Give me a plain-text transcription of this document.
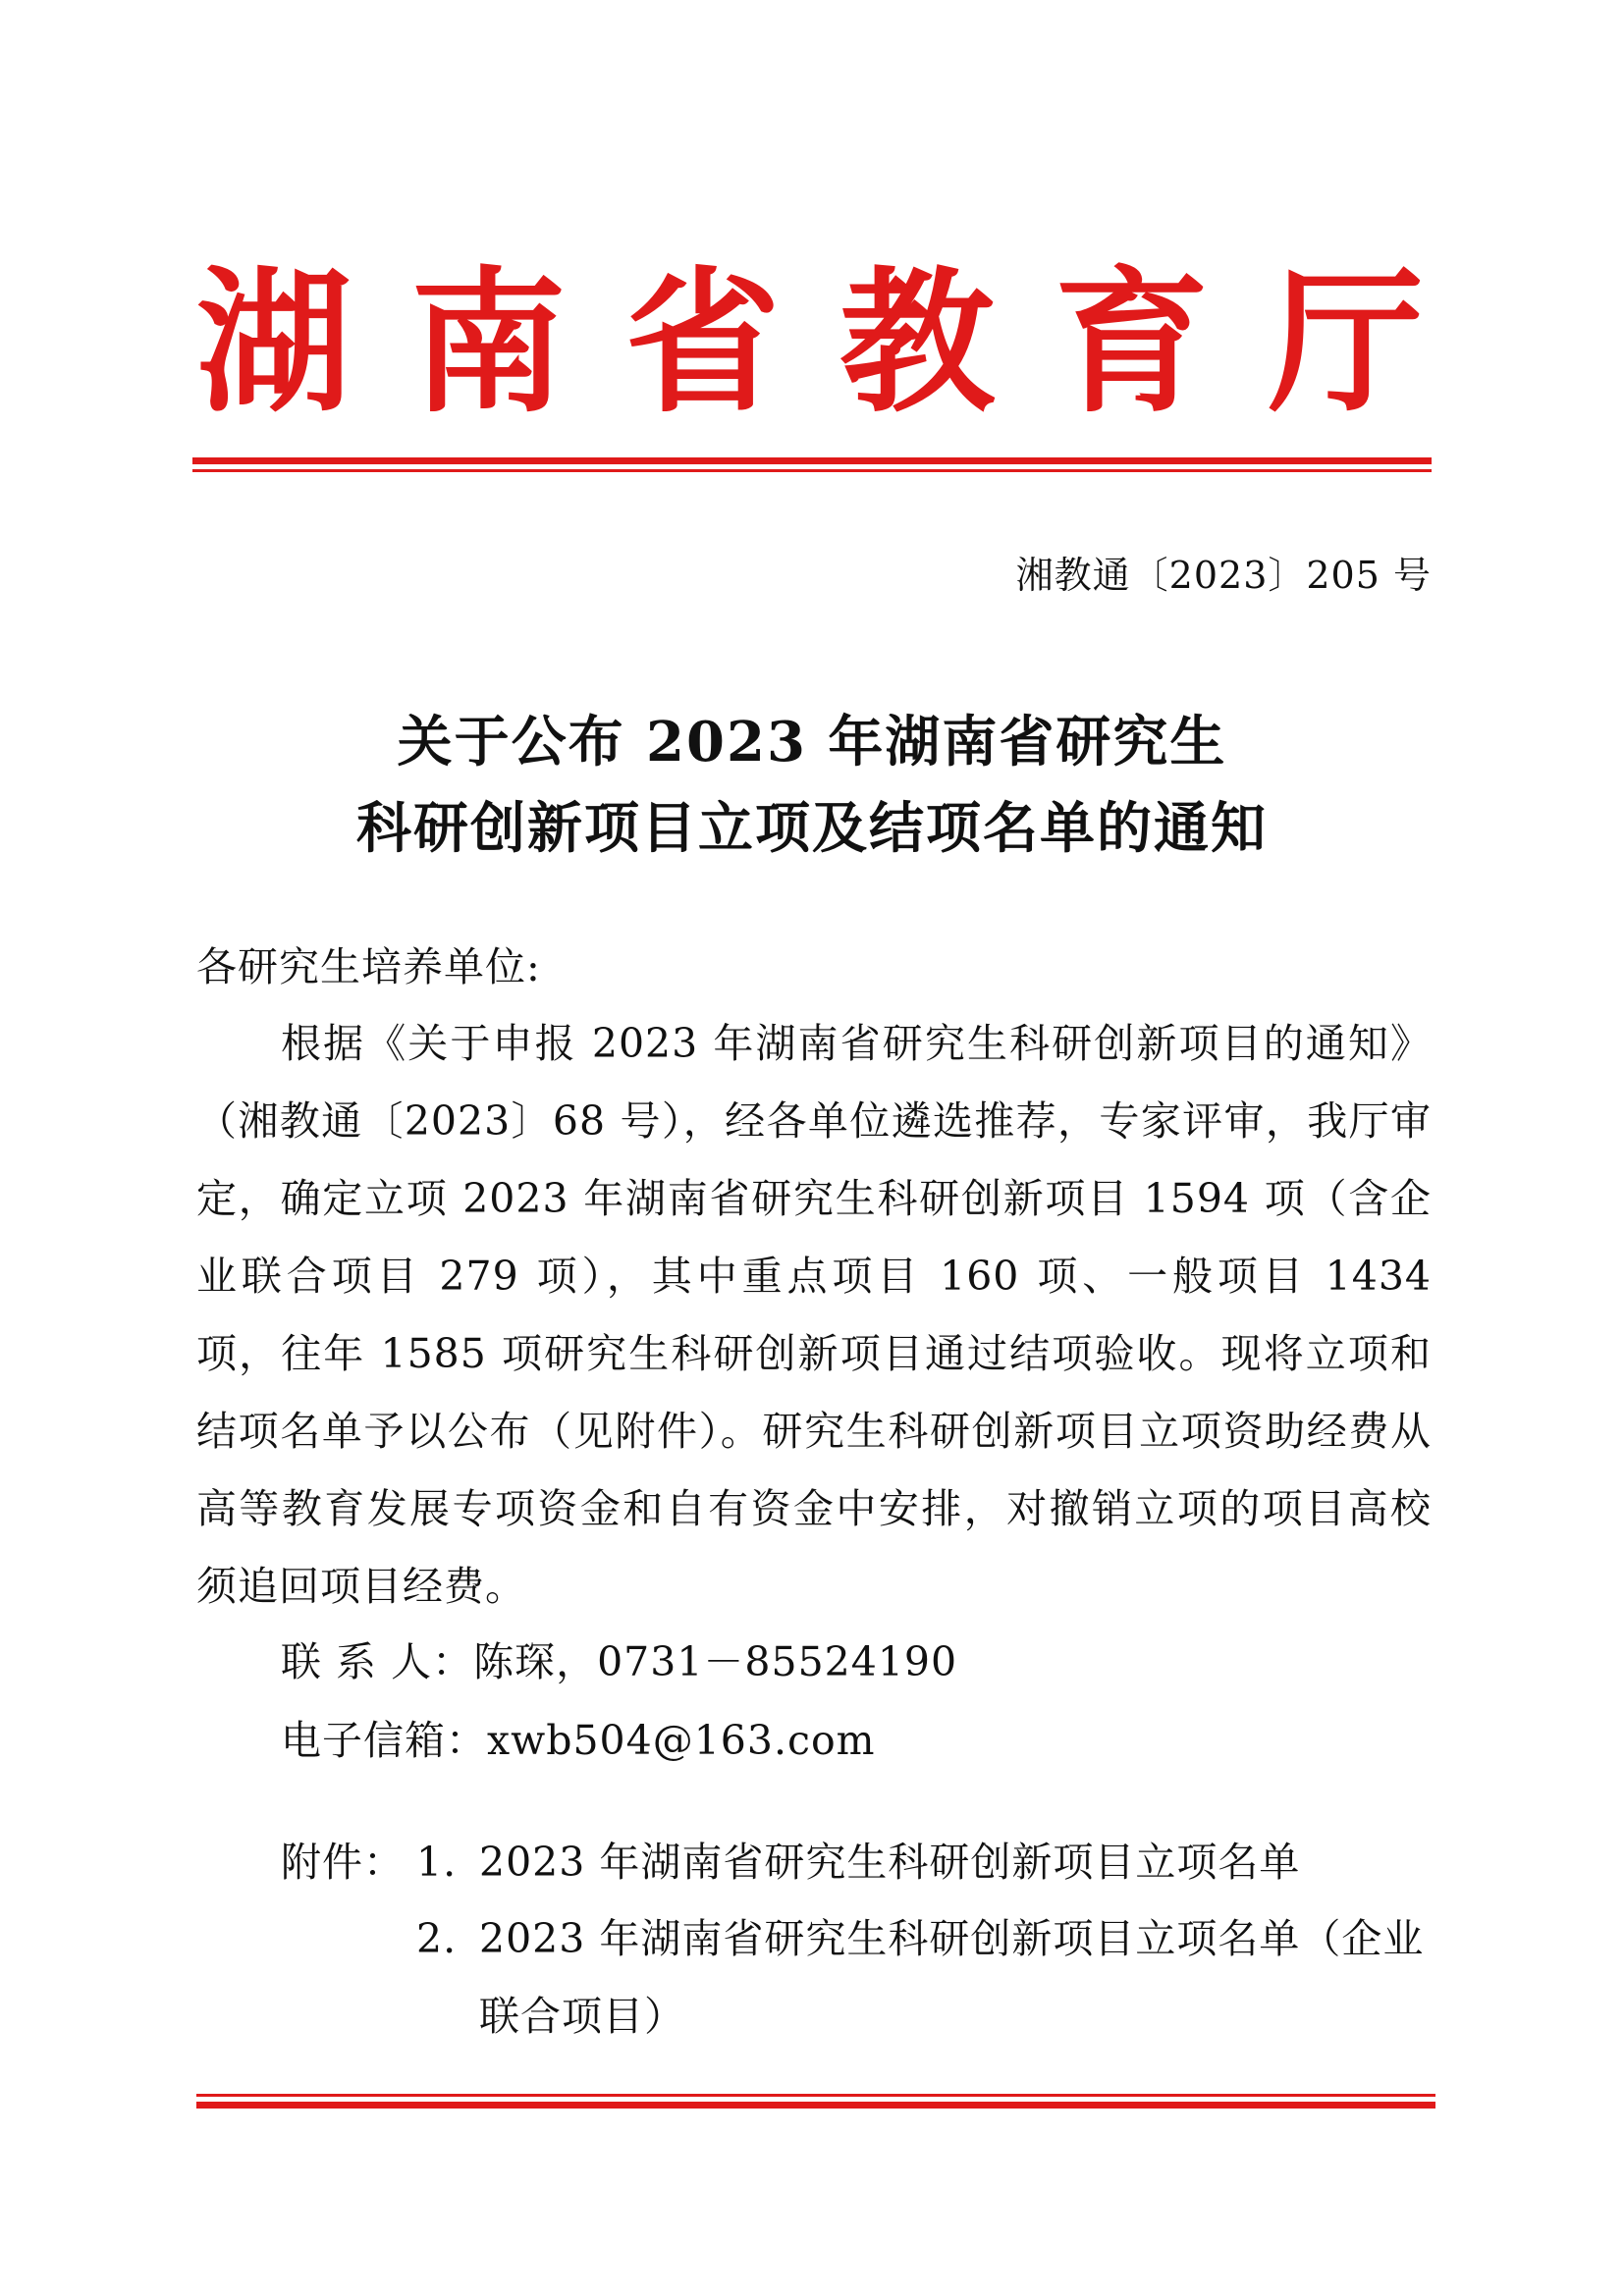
湖 南 省 教 育 厅
湘教通〔2023〕205 号
关于公布 2023 年湖南省研究生
科研创新项目立项及结项名单的通知
各研究生培养单位:
根据《关于申报 2023 年湖南省研究生科研创新项目的通知》（湘教通〔2023〕68 号），经各单位遴选推荐，专家评审，我厅审定，确定立项 2023 年湖南省研究生科研创新项目 1594 项（含企业联合项目 279 项），其中重点项目 160 项、一般项目 1434 项，往年 1585 项研究生科研创新项目通过结项验收。现将立项和结项名单予以公布（见附件）。研究生科研创新项目立项资助经费从高等教育发展专项资金和自有资金中安排，对撤销立项的项目高校须追回项目经费。
联 系 人：陈琛，0731－85524190
电子信箱：xwb504@163.com
附件： 1. 2023 年湖南省研究生科研创新项目立项名单
2. 2023 年湖南省研究生科研创新项目立项名单（企业联合项目）
